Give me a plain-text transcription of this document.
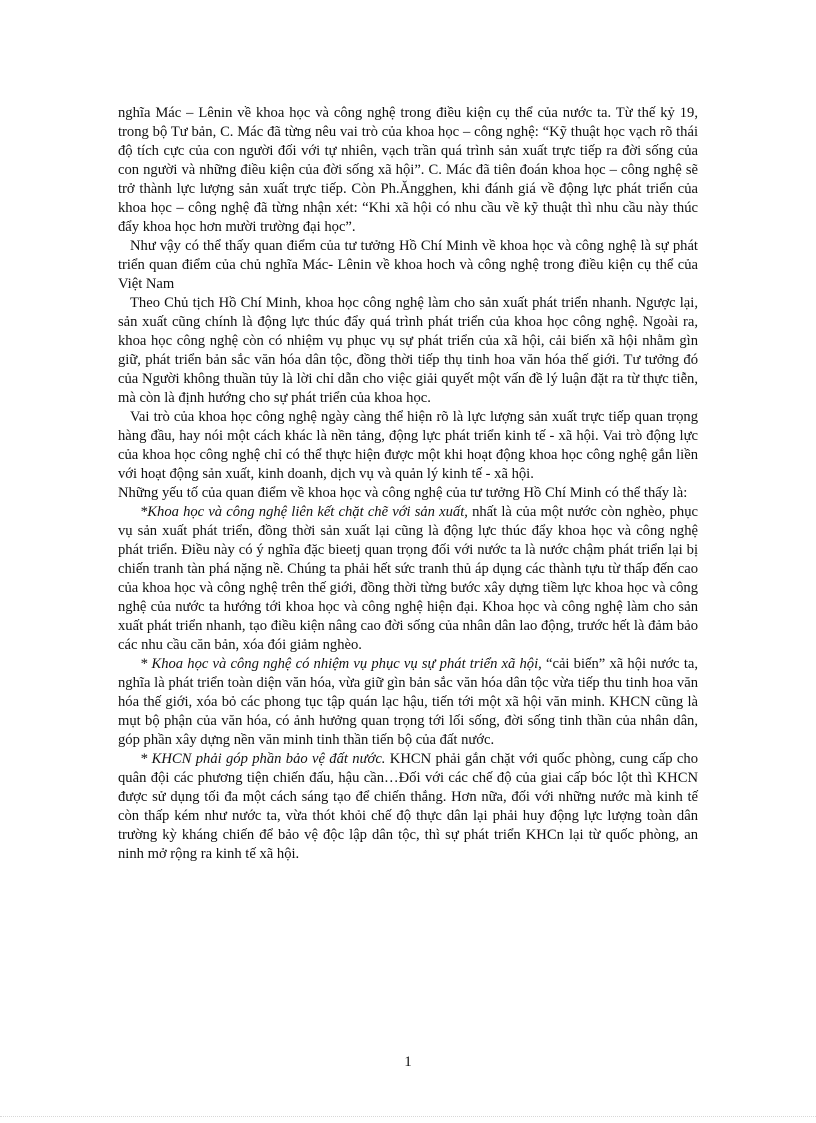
nghĩa Mác – Lênin về khoa học và công nghệ trong điều kiện cụ thể của nước ta. Từ thế kỷ 19, trong bộ Tư bản, C. Mác đã từng nêu vai trò của khoa học – công nghệ: “Kỹ thuật học vạch rõ thái độ tích cực của con người đối với tự nhiên, vạch trần quá trình sản xuất trực tiếp ra đời sống của con người và những điều kiện của đời sống xã hội”. C. Mác đã tiên đoán khoa học – công nghệ sẽ trở thành lực lượng sản xuất trực tiếp. Còn Ph.Ăngghen, khi đánh giá về động lực phát triển của khoa học – công nghệ đã từng nhận xét: “Khi xã hội có nhu cầu về kỹ thuật thì nhu cầu này thúc đẩy khoa học hơn mười trường đại học”.

Như vậy có thể thấy quan điểm của tư tưởng Hồ Chí Minh về khoa học và công nghệ là sự phát triển quan điểm của chủ nghĩa Mác- Lênin về khoa hoch và công nghệ trong điều kiện cụ thể của Việt Nam

Theo Chủ tịch Hồ Chí Minh, khoa học công nghệ làm cho sản xuất phát triển nhanh. Ngược lại, sản xuất cũng chính là động lực thúc đẩy quá trình phát triển của khoa học công nghệ. Ngoài ra, khoa học công nghệ còn có nhiệm vụ phục vụ sự phát triển của xã hội, cải biến xã hội nhằm gìn giữ, phát triển bản sắc văn hóa dân tộc, đồng thời tiếp thụ tinh hoa văn hóa thế giới. Tư tưởng đó của Người không thuần tủy là lời chỉ dẫn cho việc giải quyết một vấn đề lý luận đặt ra từ thực tiễn, mà còn là định hướng cho sự phát triển của khoa học.

Vai trò của khoa học công nghệ ngày càng thể hiện rõ là lực lượng sản xuất trực tiếp quan trọng hàng đầu, hay nói một cách khác là nền tảng, động lực phát triển kinh tế - xã hội. Vai trò động lực của khoa học công nghệ chỉ có thể thực hiện được một khi hoạt động khoa học công nghệ gắn liền với hoạt động sản xuất, kinh doanh, dịch vụ và quản lý kinh tế - xã hội.

Những yếu tố của quan điểm về khoa học và công nghệ của tư tưởng Hồ Chí Minh có thể thấy là:

*Khoa học và công nghệ liên kết chặt chẽ với sản xuất, nhất là của một nước còn nghèo, phục vụ sản xuất phát triển, đồng thời sản xuất lại cũng là động lực thúc đẩy khoa học và công nghệ phát triển. Điều này có ý nghĩa đặc bieetj quan trọng đối với nước ta là nước chậm phát triển lại bị chiến tranh tàn phá nặng nề. Chúng ta phải hết sức tranh thủ áp dụng các thành tựu từ thấp đến cao của khoa học và công nghệ trên thế giới, đồng thời từng bước xây dựng tiềm lực khoa học và công nghệ của nước ta hướng tới khoa học và công nghệ hiện đại. Khoa học và công nghệ làm cho sản xuất phát triển nhanh, tạo điều kiện nâng cao đời sống của nhân dân lao động, trước hết là đảm bảo các nhu cầu căn bản, xóa đói giảm nghèo.

* Khoa học và công nghệ có nhiệm vụ phục vụ sự phát triển xã hội, “cải biến” xã hội nước ta, nghĩa là phát triển toàn diện văn hóa, vừa giữ gìn bản sắc văn hóa dân tộc vừa tiếp thu tinh hoa văn hóa thế giới, xóa bỏ các phong tục tập quán lạc hậu, tiến tới một xã hội văn minh. KHCN cũng là mụt bộ phận của văn hóa, có ảnh hưởng quan trọng tới lối sống, đời sống tinh thần của nhân dân, góp phần xây dựng nền văn minh tinh thần tiến bộ của đất nước.

* KHCN phải góp phần bảo vệ đất nước. KHCN phải gắn chặt với quốc phòng, cung cấp cho quân đội các phương tiện chiến đấu, hậu cần…Đối với các chế độ của giai cấp bóc lột thì KHCN được sử dụng tối đa một cách sáng tạo để chiến thắng. Hơn nữa, đối với những nước mà kinh tế còn thấp kém như nước ta, vừa thót khỏi chế độ thực dân lại phải huy động lực lượng toàn dân trường kỳ kháng chiến để bảo vệ độc lập dân tộc, thì sự phát triển KHCn lại từ quốc phòng, an ninh mở rộng ra kinh tế xã hội.

1
